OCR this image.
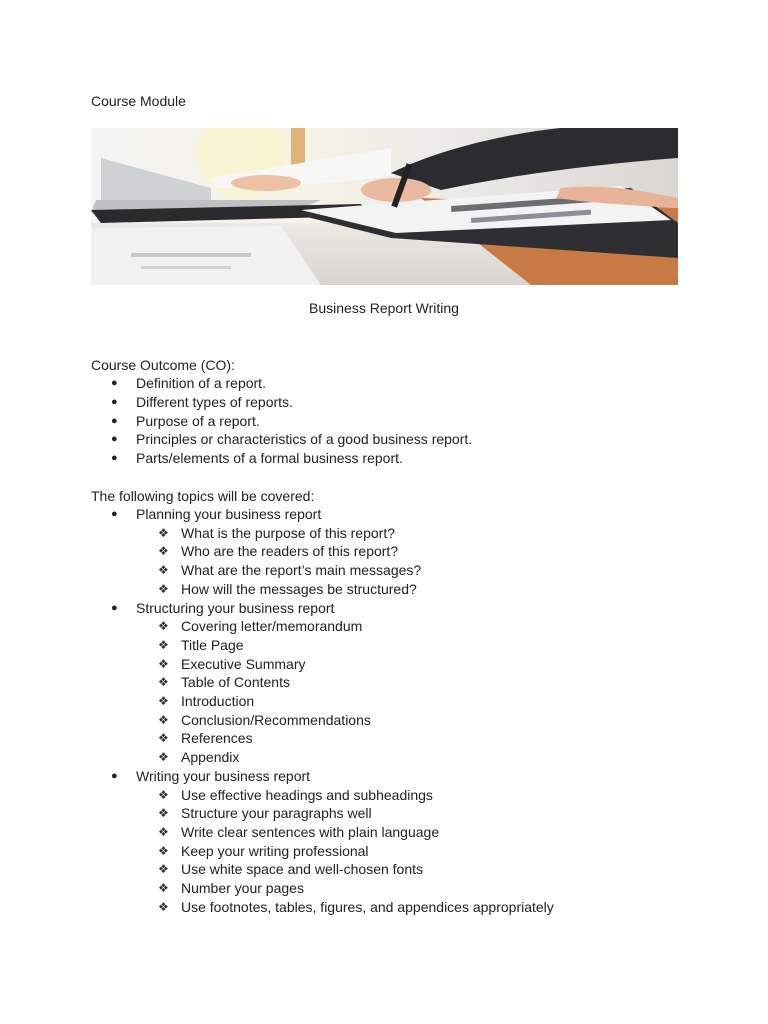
Course Module
Business Report Writing
Course Outcome (CO):
● Definition of a report.
● Different types of reports.
● Purpose of a report.
● Principles or characteristics of a good business report.
● Parts/elements of a formal business report.
The following topics will be covered:
● Planning your business report
❖ What is the purpose of this report?
❖ Who are the readers of this report?
❖ What are the report’s main messages?
❖ How will the messages be structured?
● Structuring your business report
❖ Covering letter/memorandum
❖ Title Page
❖ Executive Summary
❖ Table of Contents
❖ Introduction
❖ Conclusion/Recommendations
❖ References
❖ Appendix
● Writing your business report
❖ Use effective headings and subheadings
❖ Structure your paragraphs well
❖ Write clear sentences with plain language
❖ Keep your writing professional
❖ Use white space and well-chosen fonts
❖ Number your pages
❖ Use footnotes, tables, figures, and appendices appropriately
